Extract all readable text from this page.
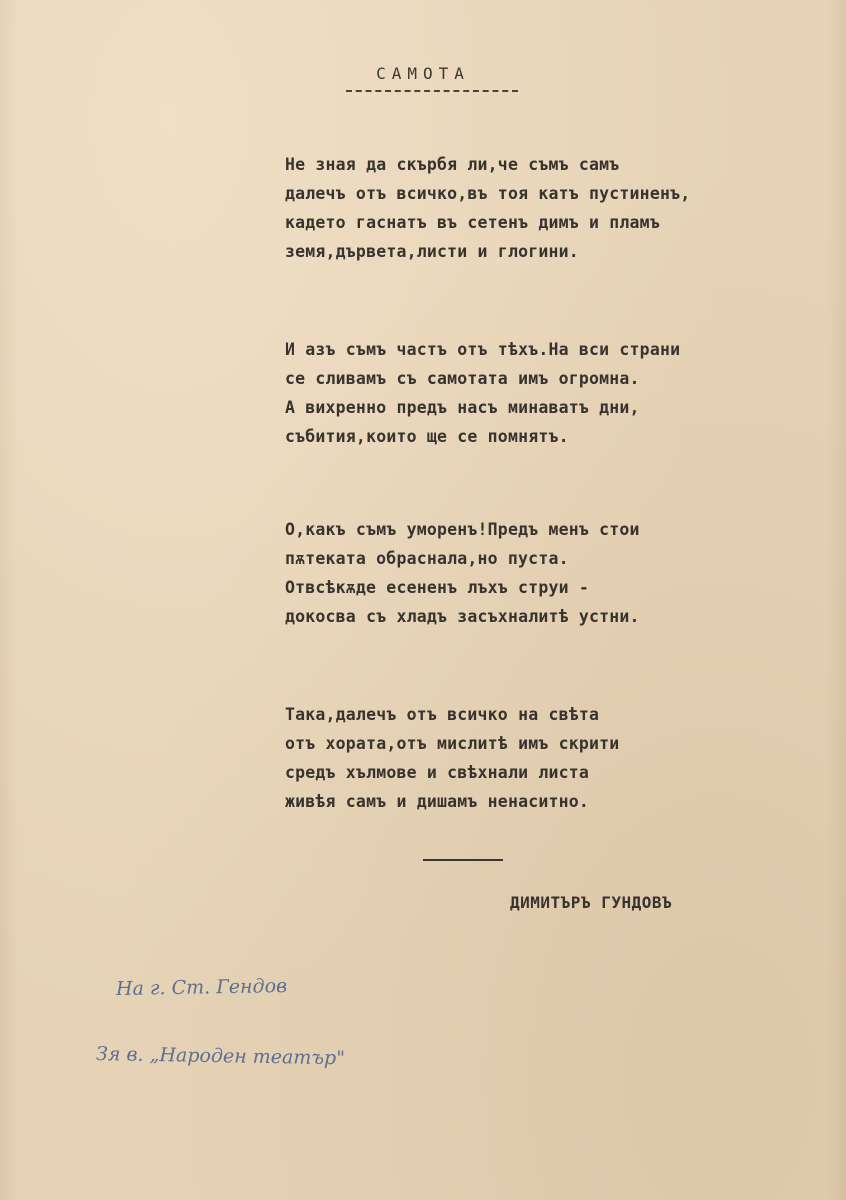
САМОТА
Не зная да скърбя ли,че съмъ самъ
далечъ отъ всичко,въ тоя катъ пустиненъ,
кадето гаснатъ въ сетенъ димъ и пламъ
земя,дървета,листи и глогини.
И азъ съмъ частъ отъ тѣхъ.На вси страни
се сливамъ съ самотата имъ огромна.
А вихренно предъ насъ минаватъ дни,
събития,които ще се помнятъ.
О,какъ съмъ уморенъ!Предъ менъ стои
пѫтеката обраснала,но пуста.
Отвсѣкѫде есененъ лъхъ струи -
докосва съ хладъ засъхналитѣ устни.
Така,далечъ отъ всичко на свѣта
отъ хората,отъ мислитѣ имъ скрити
средъ хълмове и свѣхнали листа
живѣя самъ и дишамъ ненаситно.
ДИМИТЪРЪ ГУНДОВЪ
На г. Ст. Гендов
Зя в. „Народен театър"
